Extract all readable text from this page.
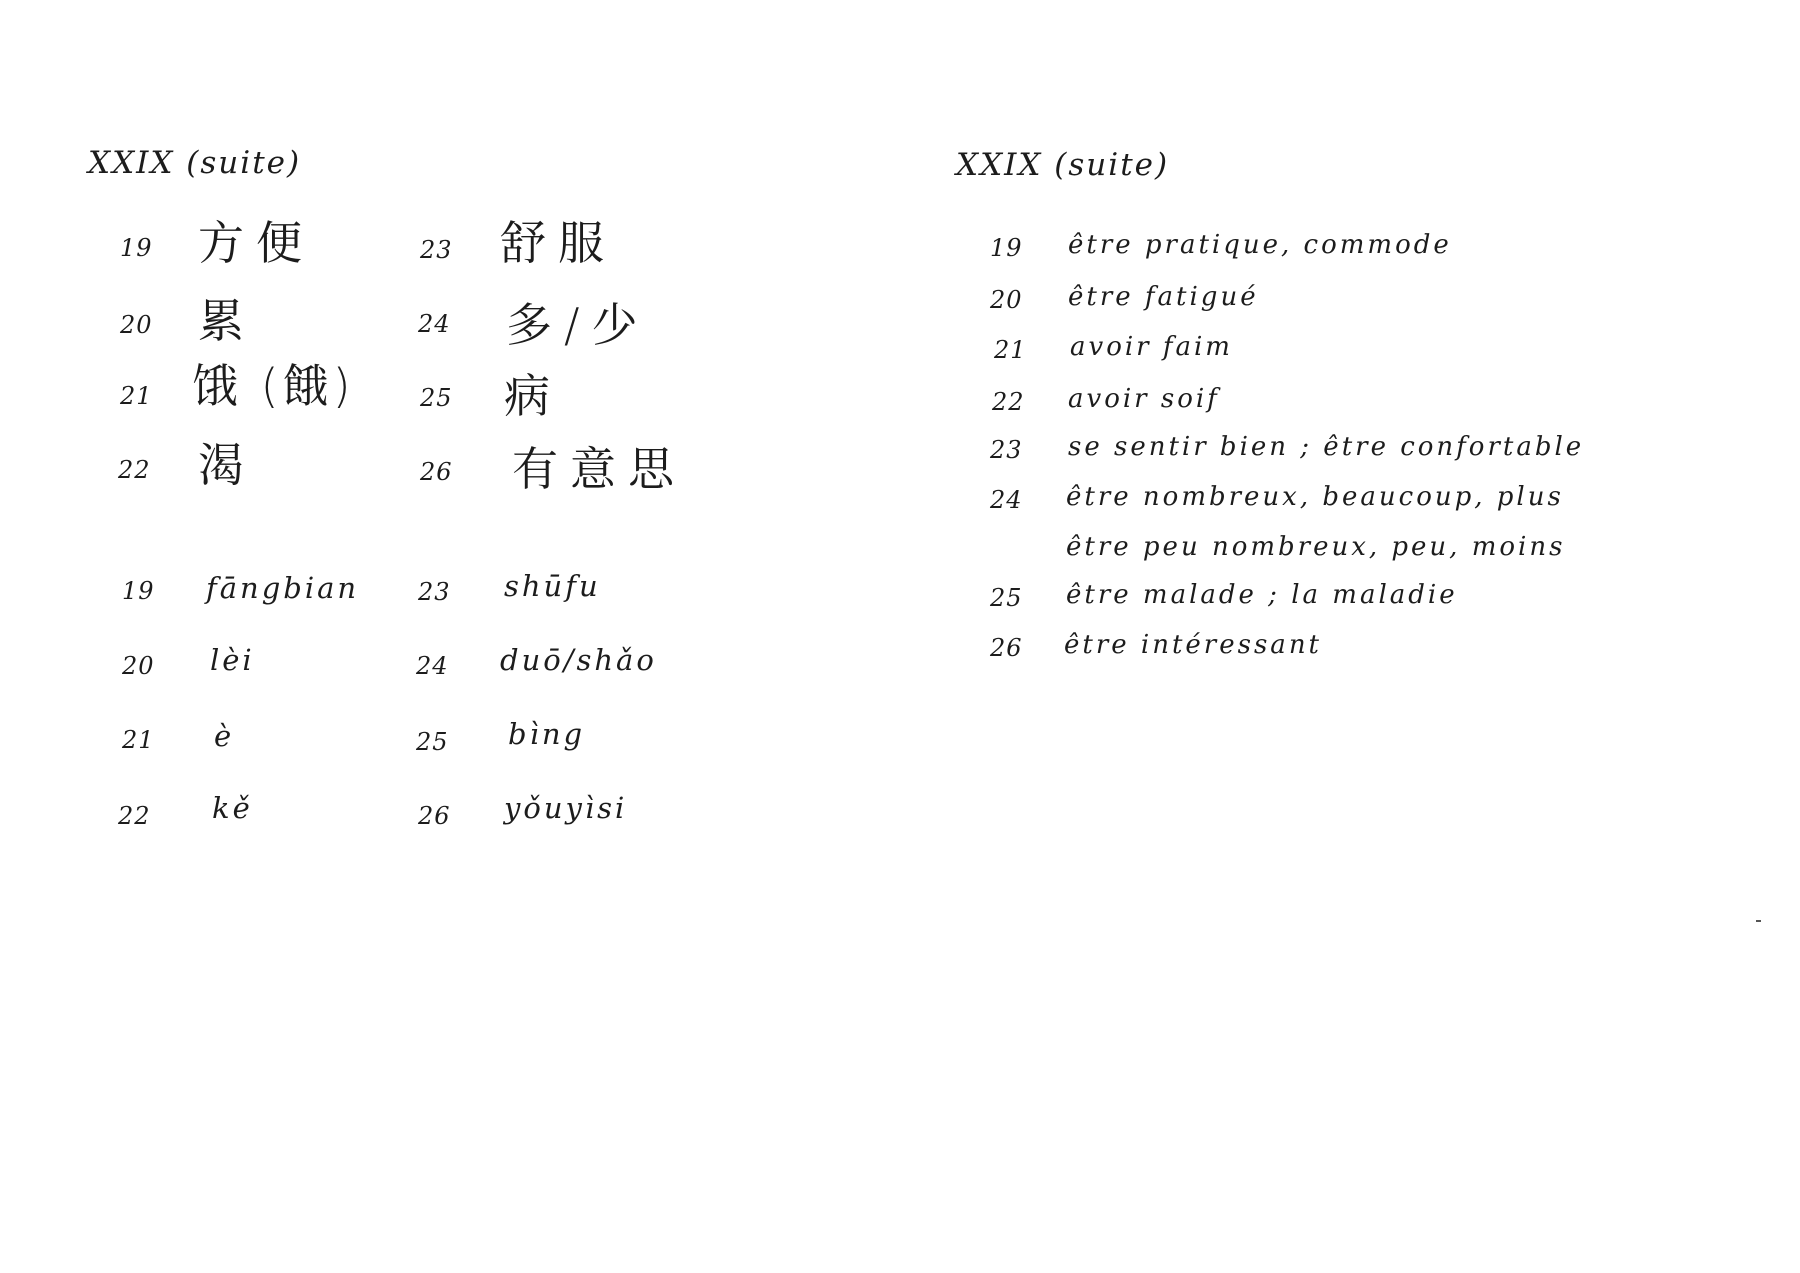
XXIX (suite)
19 方便
20 累
21 饿 (餓)
22 渴
23 舒服
24 多/少
25 病
26 有意思
19 fāngbian
20 lèi
21 è
22 kě
23 shūfu
24 duō/shǎo
25 bìng
26 yǒuyìsi
XXIX (suite)
19 être pratique, commode
20 être fatigué
21 avoir faim
22 avoir soif
23 se sentir bien ; être confortable
24 être nombreux, beaucoup, plus
être peu nombreux, peu, moins
25 être malade ; la maladie
26 être intéressant
